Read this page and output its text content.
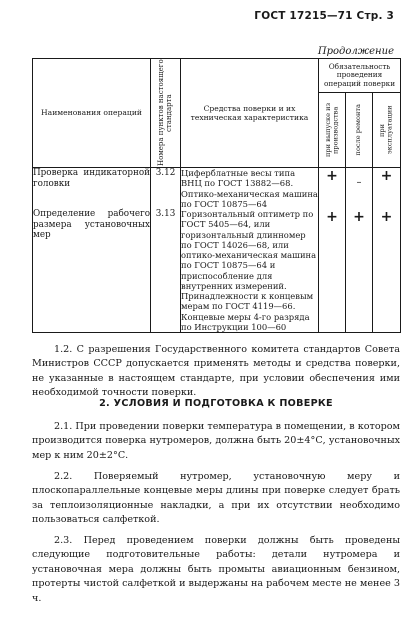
ГОСТ 17215—71 Стр. 3
Продолжение
Наименования операций	Номера пунктов настоящего стандарта	Средства поверки и их техническая характеристика	Обязательность проведения операций поверки		

			при выпуске из производства	после ремонта	при эксплуатации

Проверка индикаторной головки	3.12	Циферблатные весы типа ВНЦ по ГОСТ 13882—68. Оптико-механическая машина по ГОСТ 10875—64	+	–	+
Определение рабочего размера установочных мер	3.13	Горизонтальный оптиметр по ГОСТ 5405—64, или горизонтальный длинномер по ГОСТ 14026—68, или оптико-механическая машина по ГОСТ 10875—64 и приспособление для внутренних измерений. Принадлежности к концевым мерам по ГОСТ 4119—66. Концевые меры 4-го разряда по Инструкции 100—60	+	+	+

1.2. С разрешения Государственного комитета стандартов Совета Министров СССР допускается применять методы и средства поверки, не указанные в настоящем стандарте, при условии обеспечения ими необходимой точности поверки.

2. УСЛОВИЯ И ПОДГОТОВКА К ПОВЕРКЕ

2.1. При проведении поверки температура в помещении, в котором производится поверка нутромеров, должна быть 20±4°С, установочных мер к ним 20±2°С.

2.2. Поверяемый нутромер, установочную меру и плоскопараллельные концевые меры длины при поверке следует брать за теплоизоляционные накладки, а при их отсутствии необходимо пользоваться салфеткой.

2.3. Перед проведением поверки должны быть проведены следующие подготовительные работы: детали нутромера и установочная мера должны быть промыты авиационным бензином, протерты чистой салфеткой и выдержаны на рабочем месте не менее 3 ч.
